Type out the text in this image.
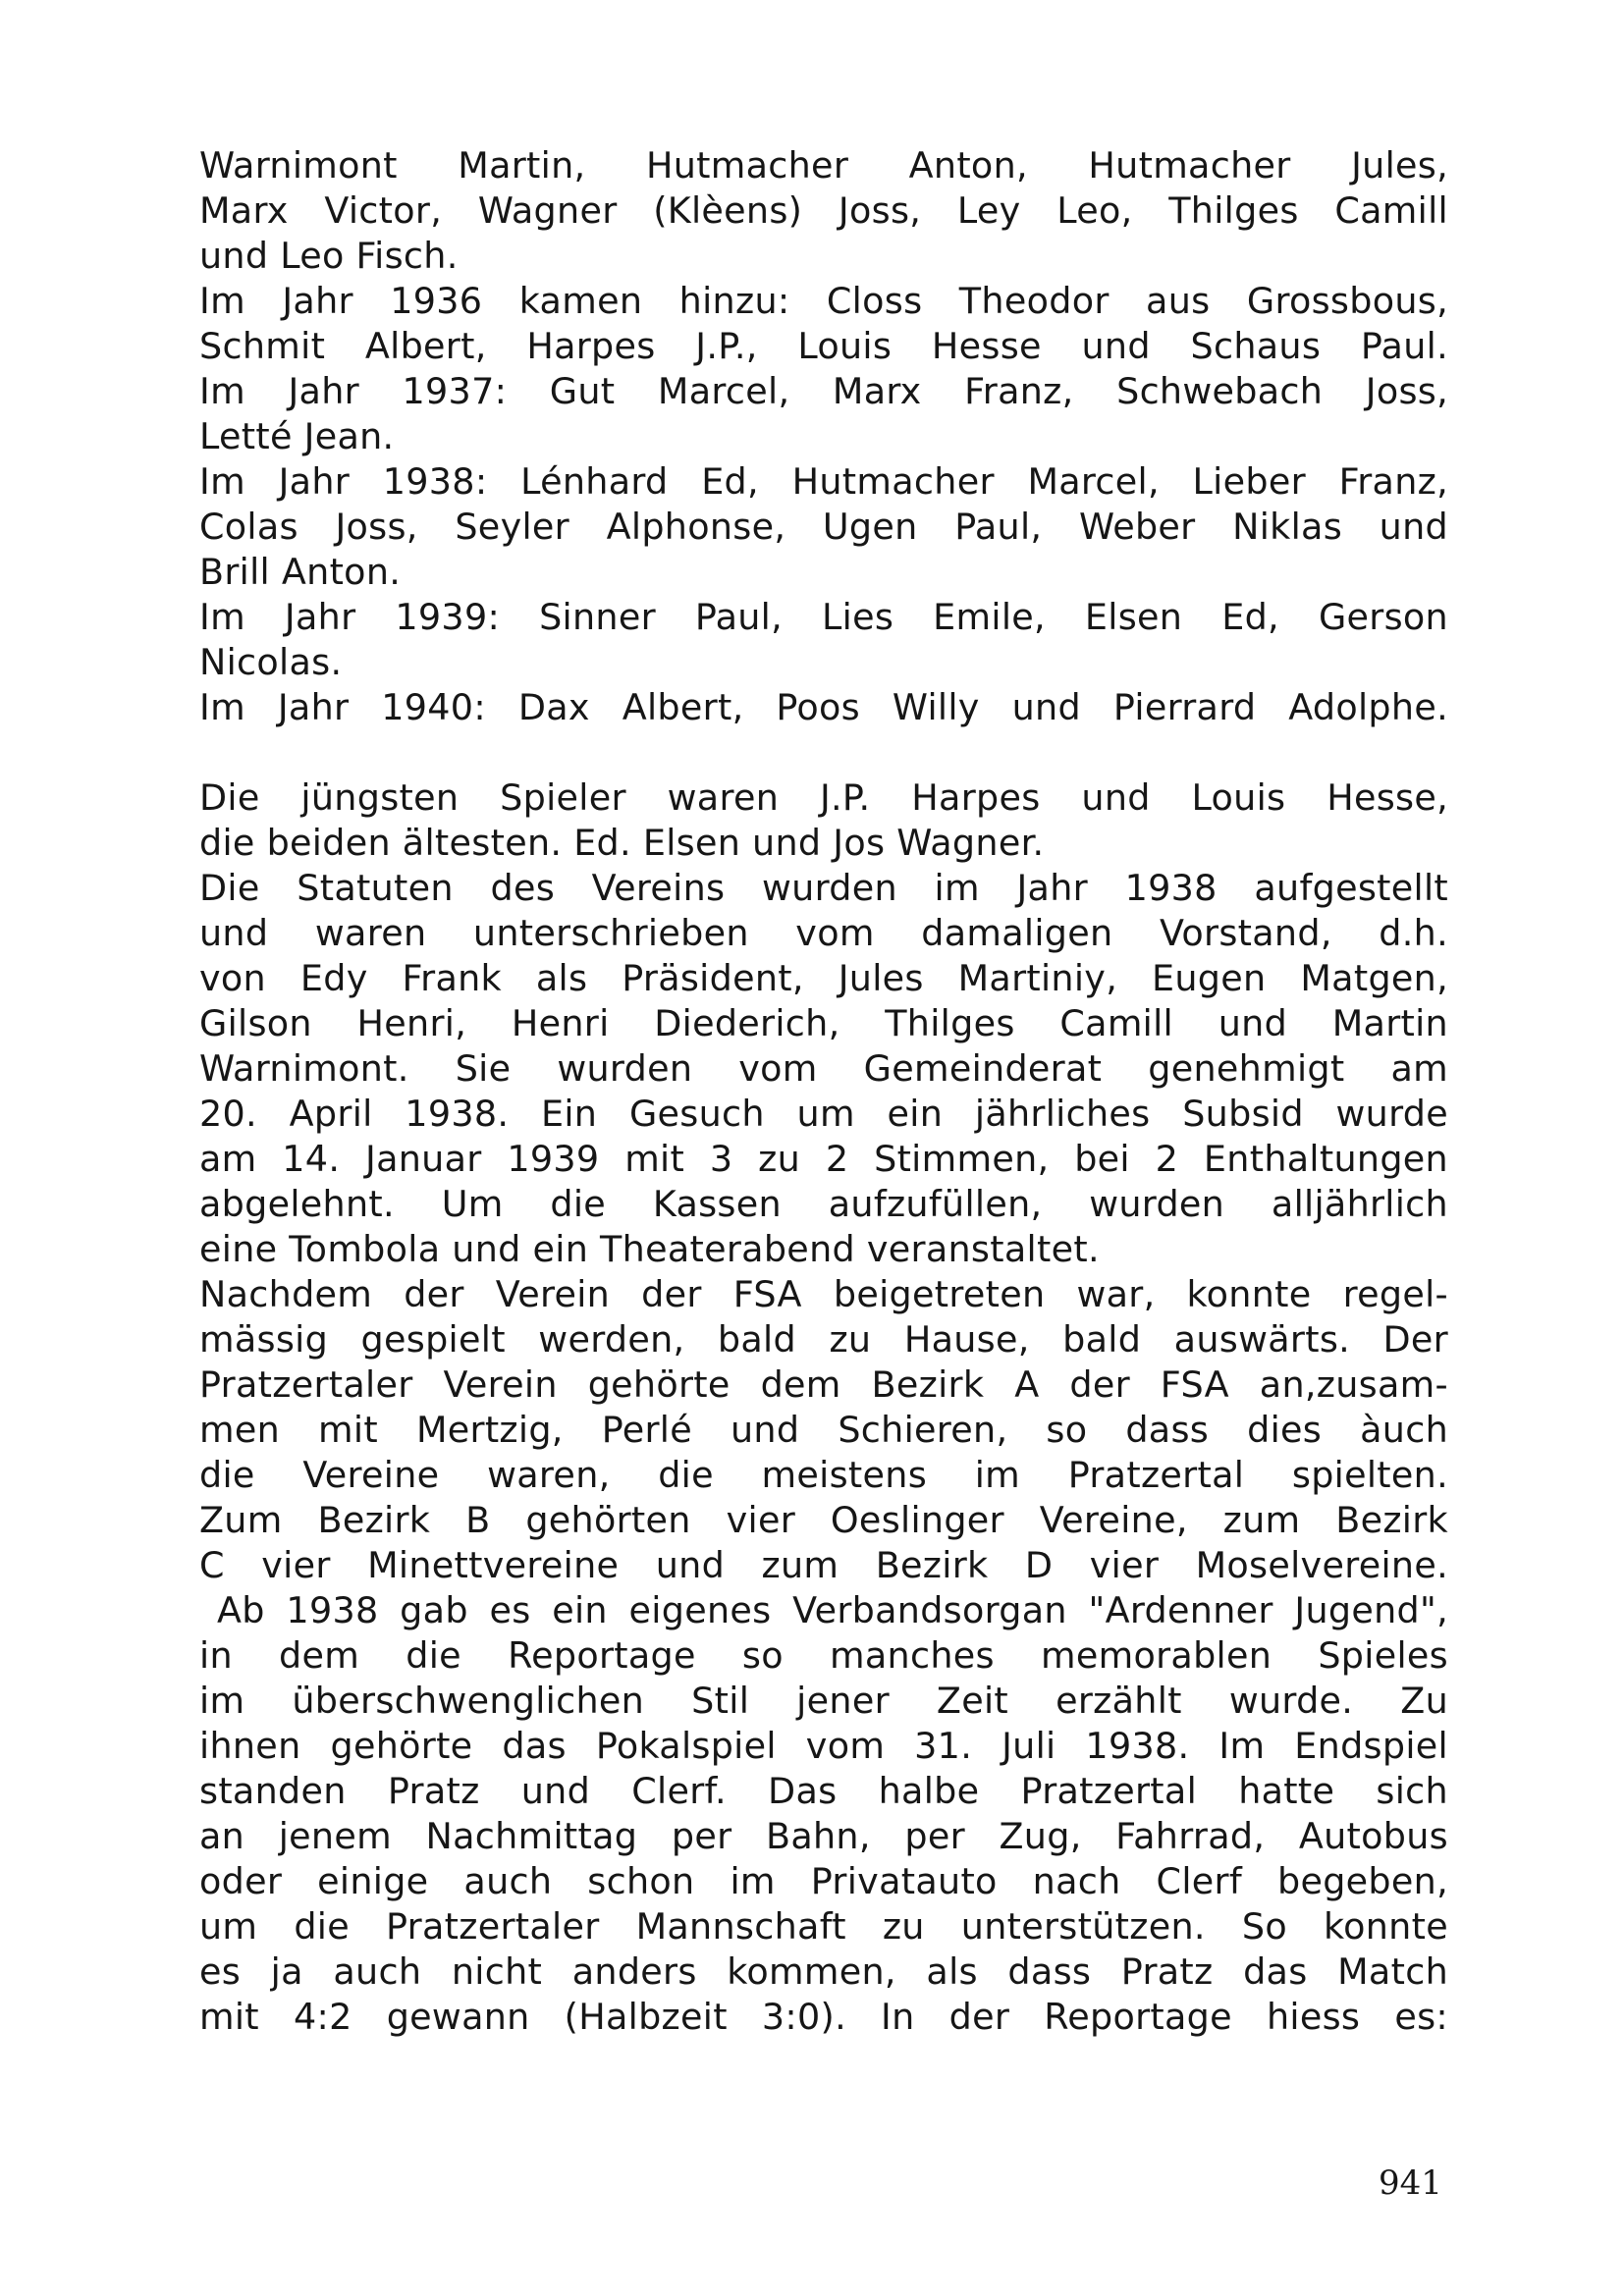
Warnimont Martin, Hutmacher Anton, Hutmacher Jules,
Marx Victor, Wagner (Klèens) Joss, Ley Leo, Thilges Camill
und Leo Fisch.
Im Jahr 1936 kamen hinzu: Closs Theodor aus Grossbous,
Schmit Albert, Harpes J.P., Louis Hesse und Schaus Paul.
Im Jahr 1937: Gut Marcel, Marx Franz, Schwebach Joss,
Letté Jean.
Im Jahr 1938: Lénhard Ed, Hutmacher Marcel, Lieber Franz,
Colas Joss, Seyler Alphonse, Ugen Paul, Weber Niklas und
Brill Anton.
Im Jahr 1939: Sinner Paul, Lies Emile, Elsen Ed, Gerson
Nicolas.
Im Jahr 1940: Dax Albert, Poos Willy und Pierrard Adolphe.
Die jüngsten Spieler waren J.P. Harpes und Louis Hesse,
die beiden ältesten. Ed. Elsen und Jos Wagner.
Die Statuten des Vereins wurden im Jahr 1938 aufgestellt
und waren unterschrieben vom damaligen Vorstand, d.h.
von Edy Frank als Präsident, Jules Martiniy, Eugen Matgen,
Gilson Henri, Henri Diederich, Thilges Camill und Martin
Warnimont. Sie wurden vom Gemeinderat genehmigt am
20. April 1938. Ein Gesuch um ein jährliches Subsid wurde
am 14. Januar 1939 mit 3 zu 2 Stimmen, bei 2 Enthaltungen
abgelehnt. Um die Kassen aufzufüllen, wurden alljährlich
eine Tombola und ein Theaterabend veranstaltet.
Nachdem der Verein der FSA beigetreten war, konnte regel-
mässig gespielt werden, bald zu Hause, bald auswärts. Der
Pratzertaler Verein gehörte dem Bezirk A der FSA an,zusam-
men mit Mertzig, Perlé und Schieren, so dass dies àuch
die Vereine waren, die meistens im Pratzertal spielten.
Zum Bezirk B gehörten vier Oeslinger Vereine, zum Bezirk
C vier Minettvereine und zum Bezirk D vier Moselvereine.
Ab 1938 gab es ein eigenes Verbandsorgan "Ardenner Jugend",
in dem die Reportage so manches memorablen Spieles
im überschwenglichen Stil jener Zeit erzählt wurde. Zu
ihnen gehörte das Pokalspiel vom 31. Juli 1938. Im Endspiel
standen Pratz und Clerf. Das halbe Pratzertal hatte sich
an jenem Nachmittag per Bahn, per Zug, Fahrrad, Autobus
oder einige auch schon im Privatauto nach Clerf begeben,
um die Pratzertaler Mannschaft zu unterstützen. So konnte
es ja auch nicht anders kommen, als dass Pratz das Match
mit 4:2 gewann (Halbzeit 3:0). In der Reportage hiess es:
941
